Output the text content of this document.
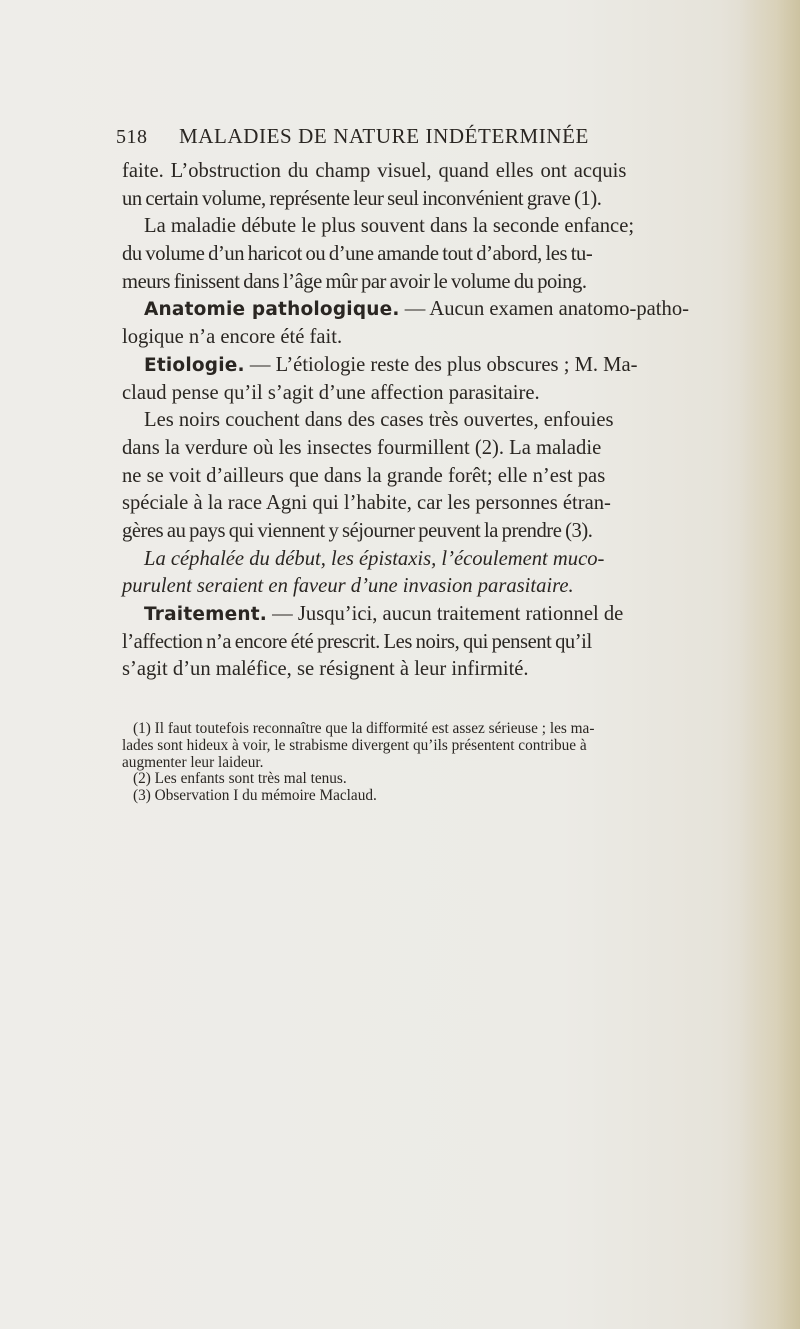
518 MALADIES DE NATURE INDÉTERMINÉE
faite. L’obstruction du champ visuel, quand elles ont acquis
un certain volume, représente leur seul inconvénient grave (1).
La maladie débute le plus souvent dans la seconde enfance;
du volume d’un haricot ou d’une amande tout d’abord, les tu-
meurs finissent dans l’âge mûr par avoir le volume du poing.
Anatomie pathologique. — Aucun examen anatomo-patho-
logique n’a encore été fait.
Etiologie. — L’étiologie reste des plus obscures ; M. Ma-
claud pense qu’il s’agit d’une affection parasitaire.
Les noirs couchent dans des cases très ouvertes, enfouies
dans la verdure où les insectes fourmillent (2). La maladie
ne se voit d’ailleurs que dans la grande forêt; elle n’est pas
spéciale à la race Agni qui l’habite, car les personnes étran-
gères au pays qui viennent y séjourner peuvent la prendre (3).
La céphalée du début, les épistaxis, l’écoulement muco-
purulent seraient en faveur d’une invasion parasitaire.
Traitement. — Jusqu’ici, aucun traitement rationnel de
l’affection n’a encore été prescrit. Les noirs, qui pensent qu’il
s’agit d’un maléfice, se résignent à leur infirmité.
(1) Il faut toutefois reconnaître que la difformité est assez sérieuse ; les ma-
lades sont hideux à voir, le strabisme divergent qu’ils présentent contribue à
augmenter leur laideur.
(2) Les enfants sont très mal tenus.
(3) Observation I du mémoire Maclaud.
